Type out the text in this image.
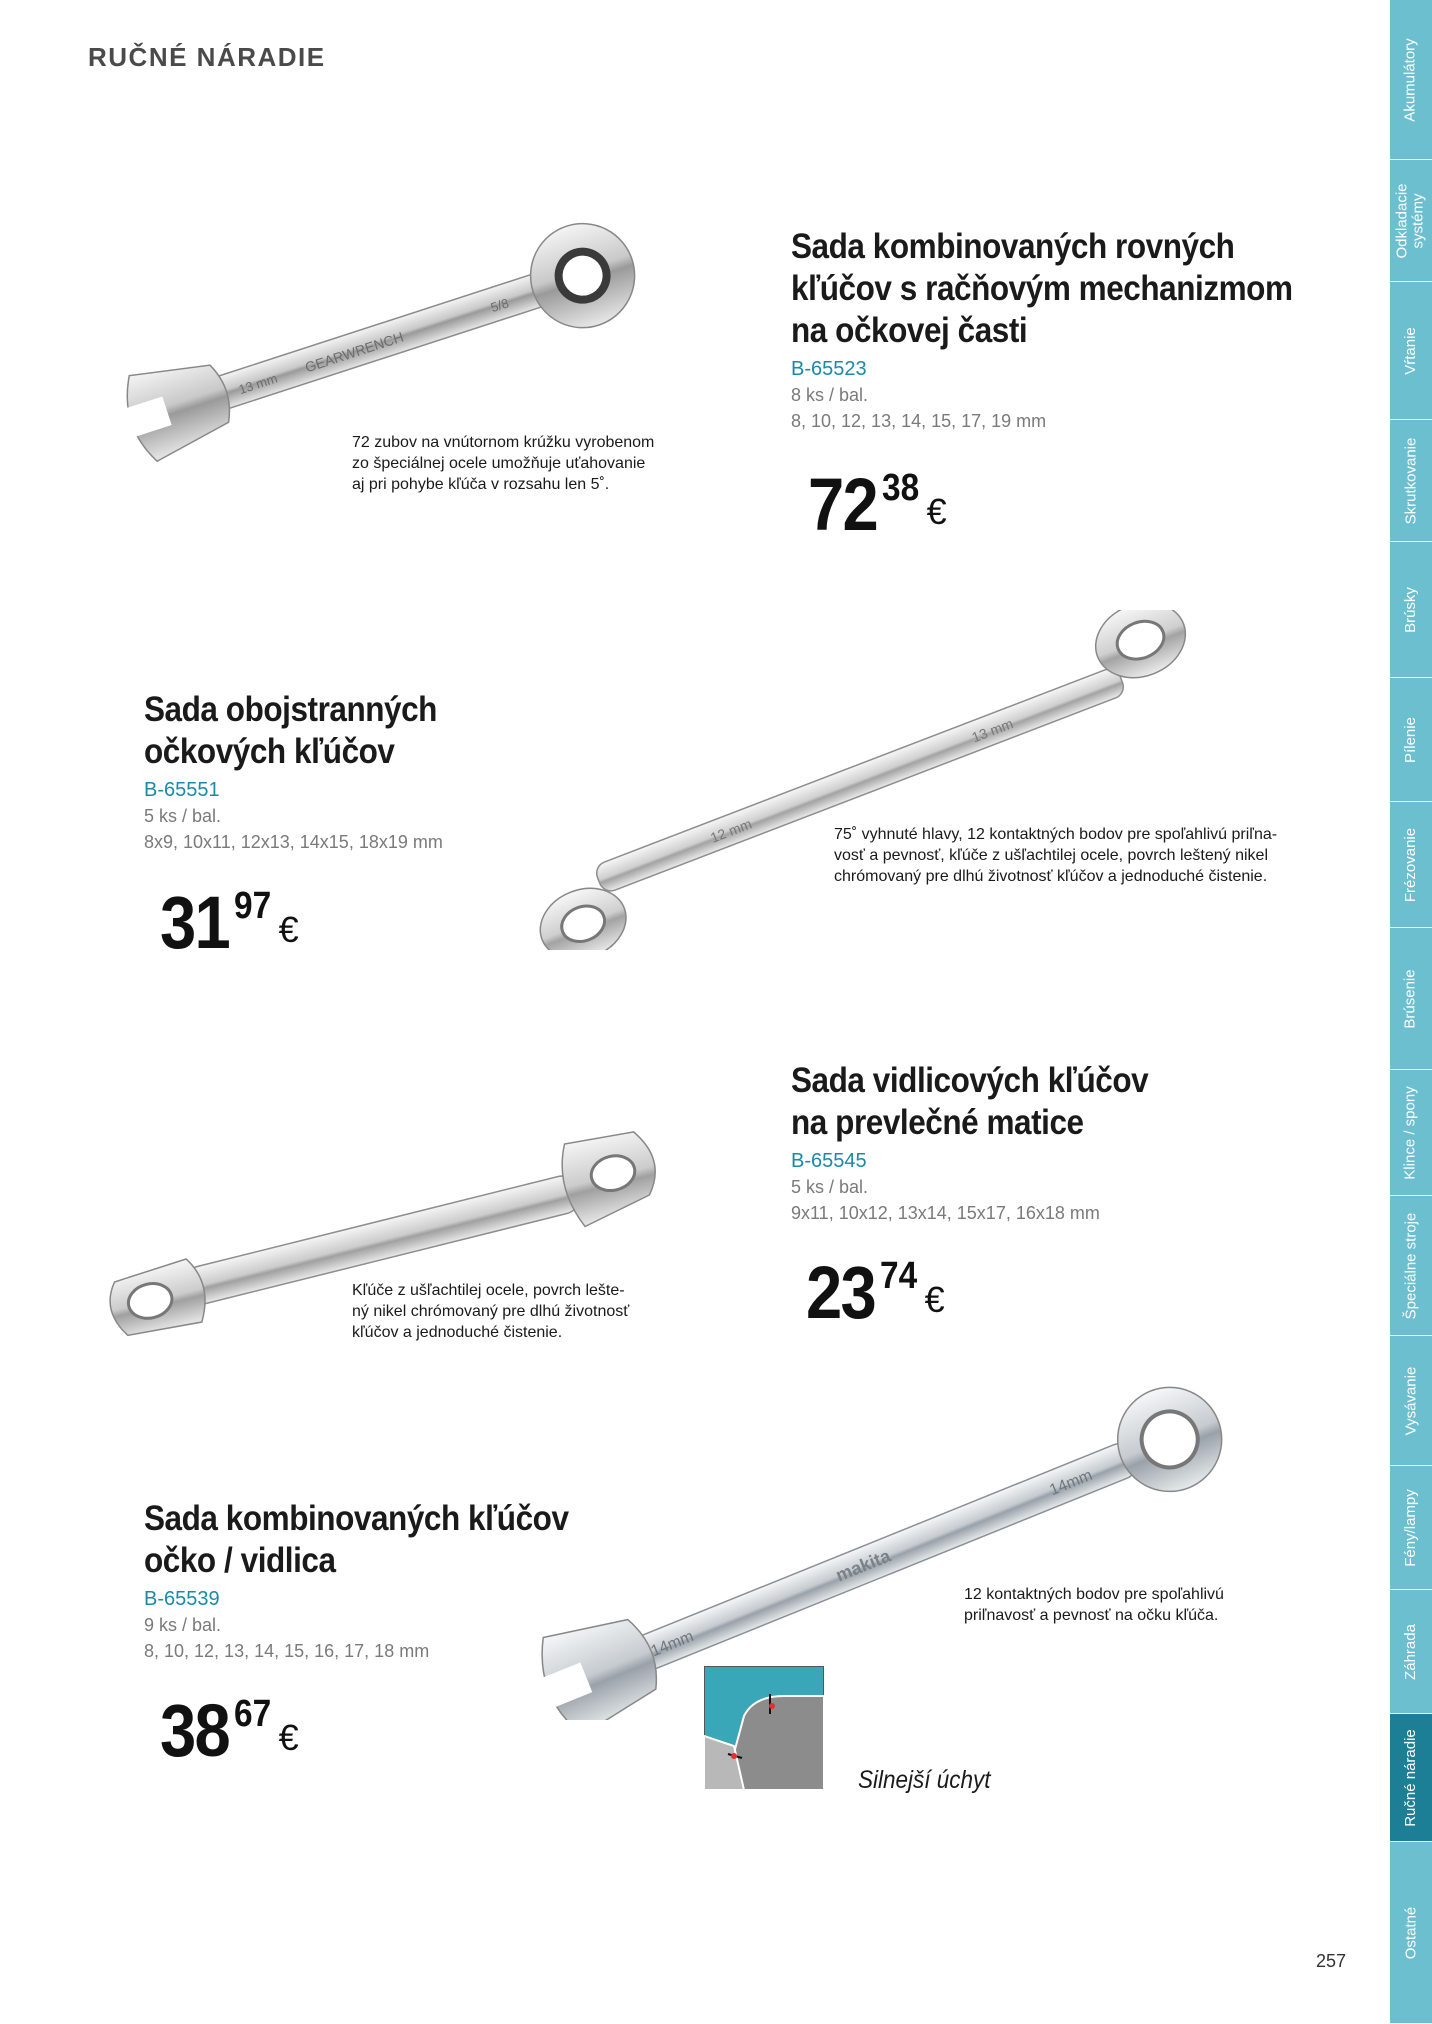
RUČNÉ NÁRADIE
GEARWRENCH
13 mm
5/8
Sada kombinovaných rovných
kľúčov s račňovým mechanizmom
na očkovej časti
B-65523
8 ks / bal.
8, 10, 12, 13, 14, 15, 17, 19 mm
72 38€
72 zubov na vnútornom krúžku vyrobenom
zo špeciálnej ocele umožňuje uťahovanie
aj pri pohybe kľúča v rozsahu len 5˚.
Sada obojstranných
očkových kľúčov
B-65551
5 ks / bal.
8x9, 10x11, 12x13, 14x15, 18x19 mm
31 97€
12 mm
13 mm
75˚ vyhnuté hlavy, 12 kontaktných bodov pre spoľahlivú priľna-
vosť a pevnosť, kľúče z ušľachtilej ocele, povrch leštený nikel
chrómovaný pre dlhú životnosť kľúčov a jednoduché čistenie.
Sada vidlicových kľúčov
na prevlečné matice
B-65545
5 ks / bal.
9x11, 10x12, 13x14, 15x17, 16x18 mm
23 74€
Kľúče z ušľachtilej ocele, povrch lešte-
ný nikel chrómovaný pre dlhú životnosť
kľúčov a jednoduché čistenie.
Sada kombinovaných kľúčov
očko / vidlica
B-65539
9 ks / bal.
8, 10, 12, 13, 14, 15, 16, 17, 18 mm
38 67€
14mm
makita
14mm
12 kontaktných bodov pre spoľahlivú
priľnavosť a pevnosť na očku kľúča.
Silnejší úchyt
Akumulátory
Odkladacie systémy
Vŕtanie
Skrutkovanie
Brúsky
Pílenie
Frézovanie
Brúsenie
Klince / spony
Špeciálne stroje
Vysávanie
Fény/lampy
Záhrada
Ručné náradie
Ostatné
257
